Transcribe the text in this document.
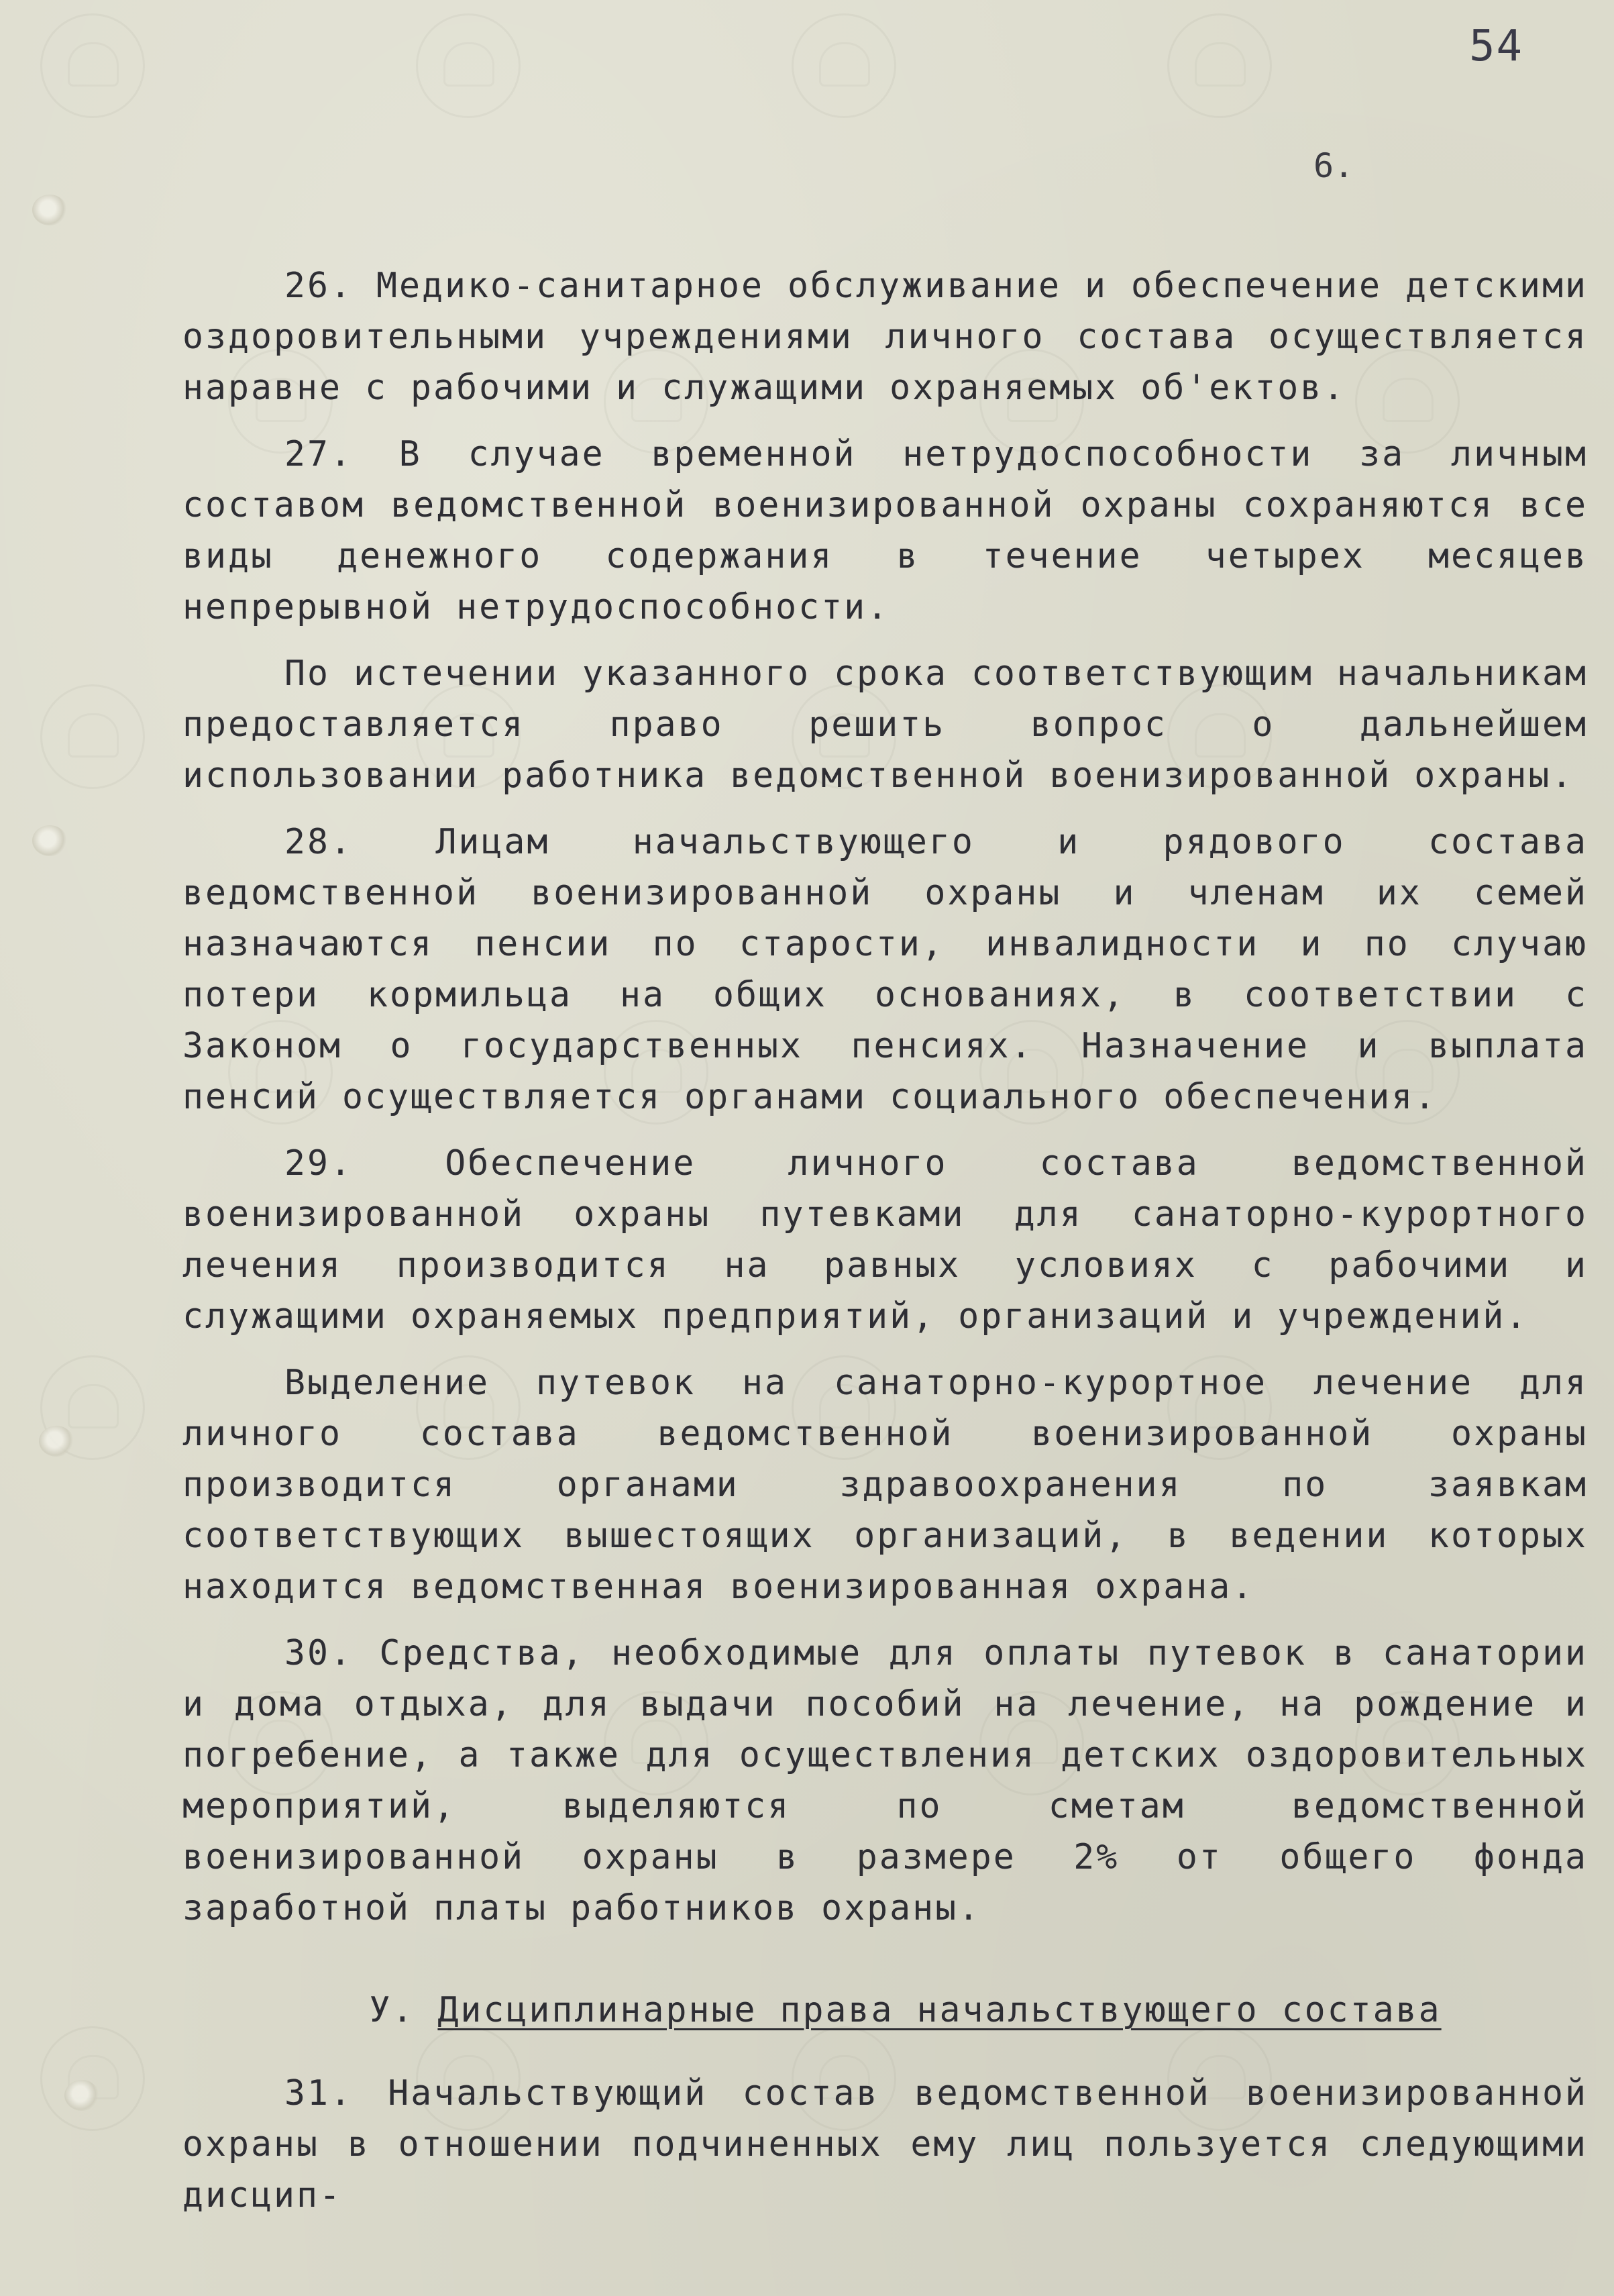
54
6.

26. Медико-санитарное обслуживание и обеспечение детскими оздоровительными учреждениями личного состава осуществляется наравне с рабочими и служащими охраняемых об'ектов.

27. В случае временной нетрудоспособности за личным составом ведомственной военизированной охраны сохраняются все виды денежного содержания в течение четырех месяцев непрерывной нетрудоспособности.

По истечении указанного срока соответствующим начальникам предоставляется право решить вопрос о дальнейшем использовании работника ведомственной военизированной охраны.

28. Лицам начальствующего и рядового состава ведомственной военизированной охраны и членам их семей назначаются пенсии по старости, инвалидности и по случаю потери кормильца на общих основаниях, в соответствии с Законом о государственных пенсиях. Назначение и выплата пенсий осуществляется органами социального обеспечения.

29. Обеспечение личного состава ведомственной военизированной охраны путевками для санаторно-курортного лечения производится на равных условиях с рабочими и служащими охраняемых предприятий, организаций и учреждений.

Выделение путевок на санаторно-курортное лечение для личного состава ведомственной военизированной охраны производится органами здравоохранения по заявкам соответствующих вышестоящих организаций, в ведении которых находится ведомственная военизированная охрана.

30. Средства, необходимые для оплаты путевок в санатории и дома отдыха, для выдачи пособий на лечение, на рождение и погребение, а также для осуществления детских оздоровительных мероприятий, выделяются по сметам ведомственной военизированной охраны в размере 2% от общего фонда заработной платы работников охраны.

У. Дисциплинарные права начальствующего состава

31. Начальствующий состав ведомственной военизированной охраны в отношении подчиненных ему лиц пользуется следующими дисцип-
